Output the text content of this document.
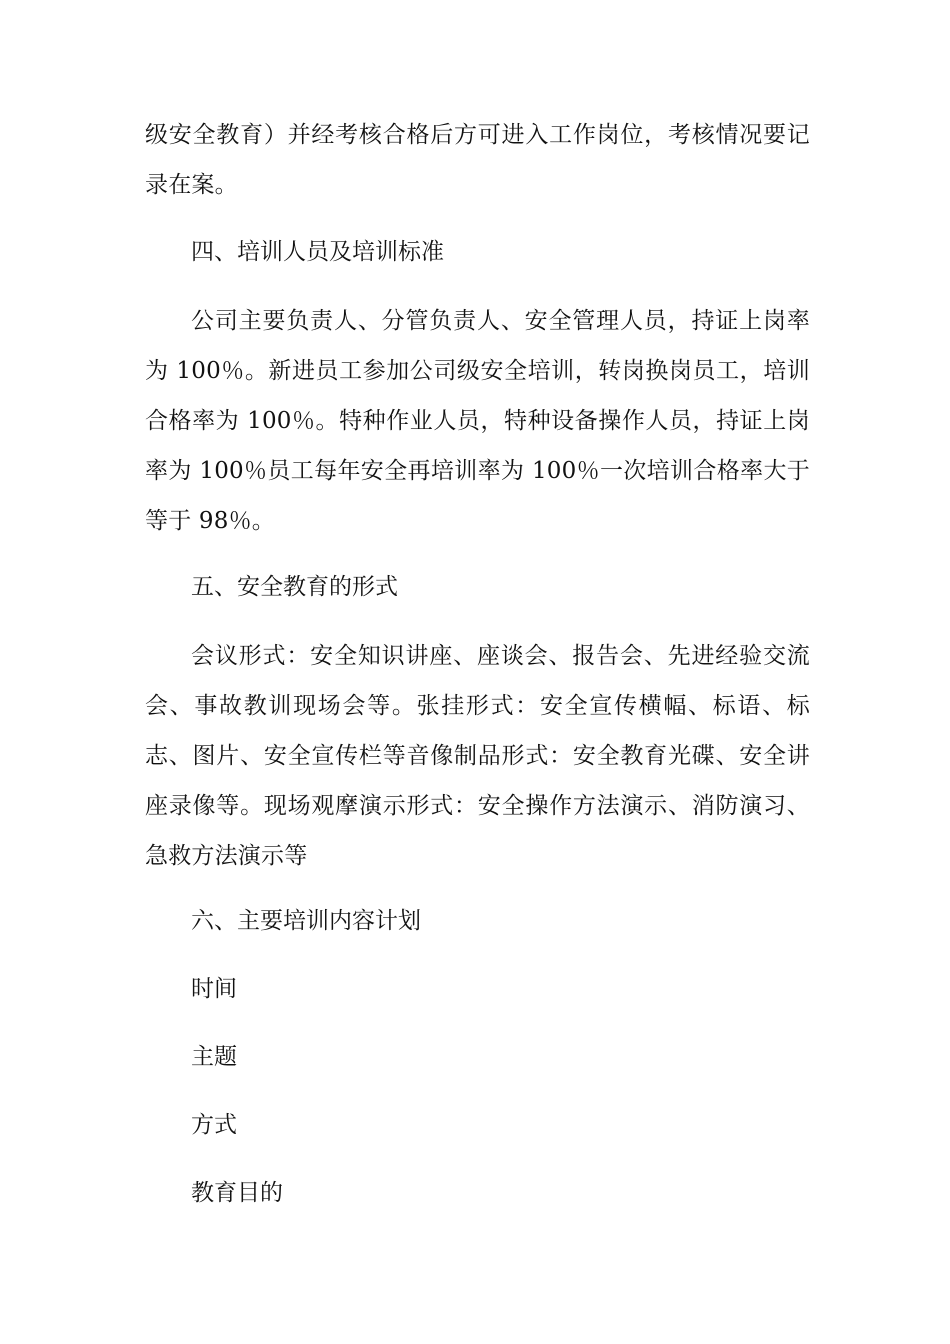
级安全教育）并经考核合格后方可进入工作岗位，考核情况要记录在案。

四、培训人员及培训标准

公司主要负责人、分管负责人、安全管理人员，持证上岗率为 100％。新进员工参加公司级安全培训，转岗换岗员工，培训合格率为 100％。特种作业人员，特种设备操作人员，持证上岗率为 100％员工每年安全再培训率为 100％一次培训合格率大于等于 98％。

五、安全教育的形式

会议形式：安全知识讲座、座谈会、报告会、先进经验交流会、事故教训现场会等。张挂形式：安全宣传横幅、标语、标志、图片、安全宣传栏等音像制品形式：安全教育光碟、安全讲座录像等。现场观摩演示形式：安全操作方法演示、消防演习、急救方法演示等

六、主要培训内容计划

时间

主题

方式

教育目的
